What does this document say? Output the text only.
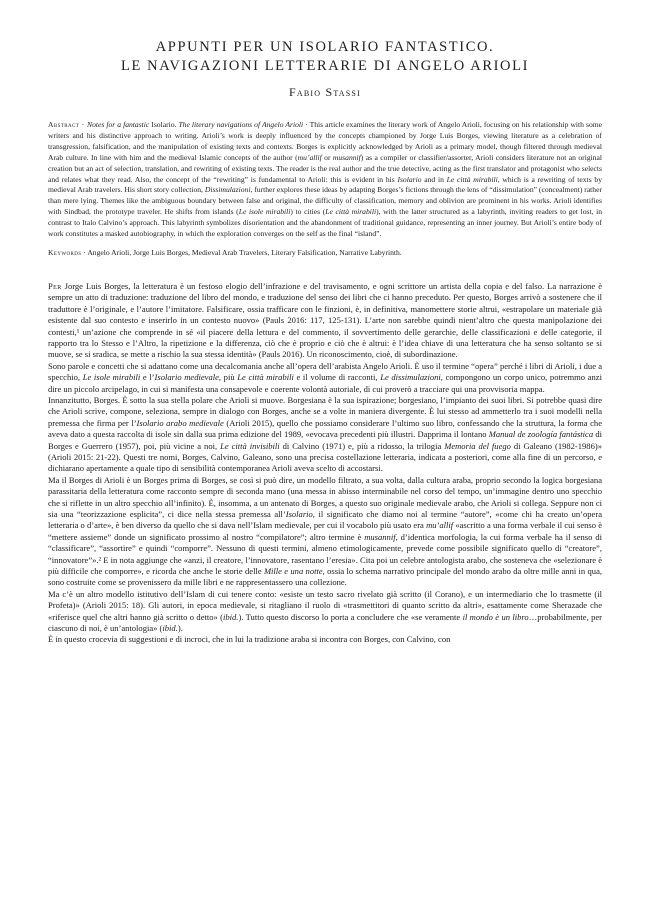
APPUNTI PER UN ISOLARIO FANTASTICO.
LE NAVIGAZIONI LETTERARIE DI ANGELO ARIOLI
Fabio Stassi
Abstract · Notes for a fantastic Isolario. The literary navigations of Angelo Arioli · This article examines the literary work of Angelo Arioli, focusing on his relationship with some writers and his distinctive approach to writing. Arioli’s work is deeply influenced by the concepts championed by Jorge Luis Borges, viewing literature as a celebration of transgression, falsification, and the manipulation of existing texts and contexts. Borges is explicitly acknowledged by Arioli as a primary model, though filtered through medieval Arab culture. In line with him and the medieval Islamic concepts of the author (mu’allif or musannif) as a compiler or classifier/assorter, Arioli considers literature not an original creation but an act of selection, translation, and rewriting of existing texts. The reader is the real author and the true detective, acting as the first translator and protagonist who selects and relates what they read. Also, the concept of the “rewriting” is fundamental to Arioli: this is evident in his Isolario and in Le città mirabili, which is a rewriting of texts by medieval Arab travelers. His short story collection, Dissimulazioni, further explores these ideas by adapting Borges’s fictions through the lens of “dissimulation” (concealment) rather than mere lying. Themes like the ambiguous boundary between false and original, the difficulty of classification, memory and oblivion are prominent in his works. Arioli identifies with Sindbad, the prototype traveler. He shifts from islands (Le isole mirabili) to cities (Le città mirabili), with the latter structured as a labyrinth, inviting readers to get lost, in contrast to Italo Calvino’s approach. This labyrinth symbolizes disorientation and the abandonment of traditional guidance, representing an inner journey. But Arioli’s entire body of work constitutes a masked autobiography, in which the exploration converges on the self as the final “island”.
Keywords · Angelo Arioli, Jorge Luis Borges, Medieval Arab Travelers, Literary Falsification, Narrative Labyrinth.

Per Jorge Luis Borges, la letteratura è un festoso elogio dell’infrazione e del travisamento, e ogni scrittore un artista della copia e del falso. La narrazione è sempre un atto di traduzione: traduzione del libro del mondo, e traduzione del senso dei libri che ci hanno preceduto. Per questo, Borges arrivò a sostenere che il traduttore è l’originale, e l’autore l’imitatore. Falsificare, ossia trafficare con le finzioni, è, in definitiva, manomettere storie altrui, «estrapolare un materiale già esistente dal suo contesto e inserirlo in un contesto nuovo» (Pauls 2016: 117, 125-131). L’arte non sarebbe quindi nient’altro che questa manipolazione dei contesti,¹ un’azione che comprende in sé «il piacere della lettura e del commento, il sovvertimento delle gerarchie, delle classificazioni e delle categorie, il rapporto tra lo Stesso e l’Altro, la ripetizione e la differenza, ciò che è proprio e ciò che è altrui: è l’idea chiave di una letteratura che ha senso soltanto se si muove, se si sradica, se mette a rischio la sua stessa identità» (Pauls 2016). Un riconoscimento, cioè, di subordinazione.

Sono parole e concetti che si adattano come una decalcomania anche all’opera dell’arabista Angelo Arioli. È uso il termine “opera” perché i libri di Arioli, i due a specchio, Le isole mirabili e l’Isolario medievale, più Le città mirabili e il volume di racconti, Le dissimulazioni, compongono un corpo unico, potremmo anzi dire un piccolo arcipelago, in cui si manifesta una consapevole e coerente volontà autoriale, di cui proverò a tracciare qui una provvisoria mappa.

Innanzitutto, Borges. È sotto la sua stella polare che Arioli si muove. Borgesiana è la sua ispirazione; borgesiano, l’impianto dei suoi libri. Si potrebbe quasi dire che Arioli scrive, compone, seleziona, sempre in dialogo con Borges, anche se a volte in maniera divergente. È lui stesso ad ammetterlo tra i suoi modelli nella premessa che firma per l’Isolario arabo medievale (Arioli 2015), quello che possiamo considerare l’ultimo suo libro, confessando che la struttura, la forma che aveva dato a questa raccolta di isole sin dalla sua prima edizione del 1989, «evocava precedenti più illustri. Dapprima il lontano Manual de zoología fantástica di Borges e Guerrero (1957), poi, più vicine a noi, Le città invisibili di Calvino (1971) e, più a ridosso, la trilogia Memoria del fuego di Galeano (1982-1986)» (Arioli 2015: 21-22). Questi tre nomi, Borges, Calvino, Galeano, sono una precisa costellazione letteraria, indicata a posteriori, come alla fine di un percorso, e dichiarano apertamente a quale tipo di sensibilità contemporanea Arioli aveva scelto di accostarsi.

Ma il Borges di Arioli è un Borges prima di Borges, se così si può dire, un modello filtrato, a sua volta, dalla cultura araba, proprio secondo la logica borgesiana parassitaria della letteratura come racconto sempre di seconda mano (una messa in abisso interminabile nel corso del tempo, un’immagine dentro uno specchio che si riflette in un altro specchio all’infinito). È, insomma, a un antenato di Borges, a questo suo originale medievale arabo, che Arioli si collega. Seppure non ci sia una “teorizzazione esplicita”, ci dice nella stessa premessa all’Isolario, il significato che diamo noi al termine “autore”, «come chi ha creato un’opera letteraria o d’arte», è ben diverso da quello che si dava nell’Islam medievale, per cui il vocabolo più usato era mu’allif «ascritto a una forma verbale il cui senso è “mettere assieme” donde un significato prossimo al nostro “compilatore”; altro termine è musannif, d’identica morfologia, la cui forma verbale ha il senso di “classificare”, “assortire” e quindi “comporre”. Nessuno di questi termini, almeno etimologicamente, prevede come possibile significato quello di “creatore”, “innovatore”».² E in nota aggiunge che «anzi, il creatore, l’innovatore, rasentano l’eresia». Cita poi un celebre antologista arabo, che sosteneva che «selezionare è più difficile che comporre», e ricorda che anche le storie delle Mille e una notte, ossia lo schema narrativo principale del mondo arabo da oltre mille anni in qua, sono costruite come se provenissero da mille libri e ne rappresentassero una collezione.

Ma c’è un altro modello istitutivo dell’Islam di cui tenere conto: «esiste un testo sacro rivelato già scritto (il Corano), e un intermediario che lo trasmette (il Profeta)» (Arioli 2015: 18). Gli autori, in epoca medievale, si ritagliano il ruolo di «trasmettitori di quanto scritto da altri», esattamente come Sherazade che «riferisce quel che altri hanno già scritto o detto» (ibid.). Tutto questo discorso lo porta a concludere che «se veramente il mondo è un libro…probabilmente, per ciascuno di noi, è un’antologia» (ibid.).

È in questo crocevia di suggestioni e di incroci, che in lui la tradizione araba si incontra con Borges, con Calvino, con
